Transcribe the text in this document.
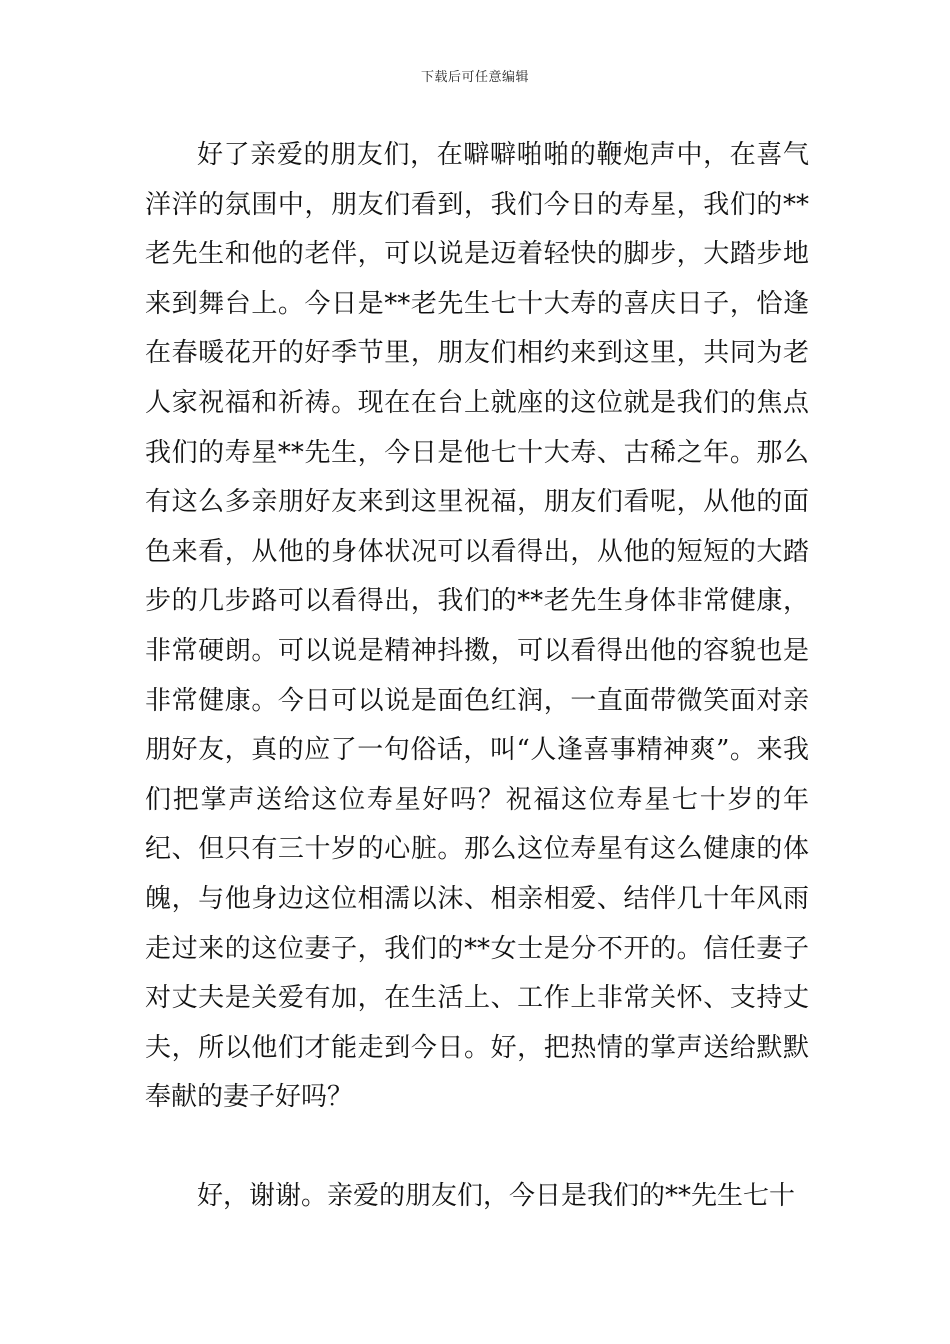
下载后可任意编辑

好了亲爱的朋友们，在噼噼啪啪的鞭炮声中，在喜气洋洋的氛围中，朋友们看到，我们今日的寿星，我们的**老先生和他的老伴，可以说是迈着轻快的脚步，大踏步地来到舞台上。今日是**老先生七十大寿的喜庆日子，恰逢在春暖花开的好季节里，朋友们相约来到这里，共同为老人家祝福和祈祷。现在在台上就座的这位就是我们的焦点我们的寿星**先生，今日是他七十大寿、古稀之年。那么有这么多亲朋好友来到这里祝福，朋友们看呢，从他的面色来看，从他的身体状况可以看得出，从他的短短的大踏步的几步路可以看得出，我们的**老先生身体非常健康，非常硬朗。可以说是精神抖擞，可以看得出他的容貌也是非常健康。今日可以说是面色红润，一直面带微笑面对亲朋好友，真的应了一句俗话，叫“人逢喜事精神爽”。来我们把掌声送给这位寿星好吗？祝福这位寿星七十岁的年纪、但只有三十岁的心脏。那么这位寿星有这么健康的体魄，与他身边这位相濡以沫、相亲相爱、结伴几十年风雨走过来的这位妻子，我们的**女士是分不开的。信任妻子对丈夫是关爱有加，在生活上、工作上非常关怀、支持丈夫，所以他们才能走到今日。好，把热情的掌声送给默默奉献的妻子好吗？

好，谢谢。亲爱的朋友们，今日是我们的**先生七十
